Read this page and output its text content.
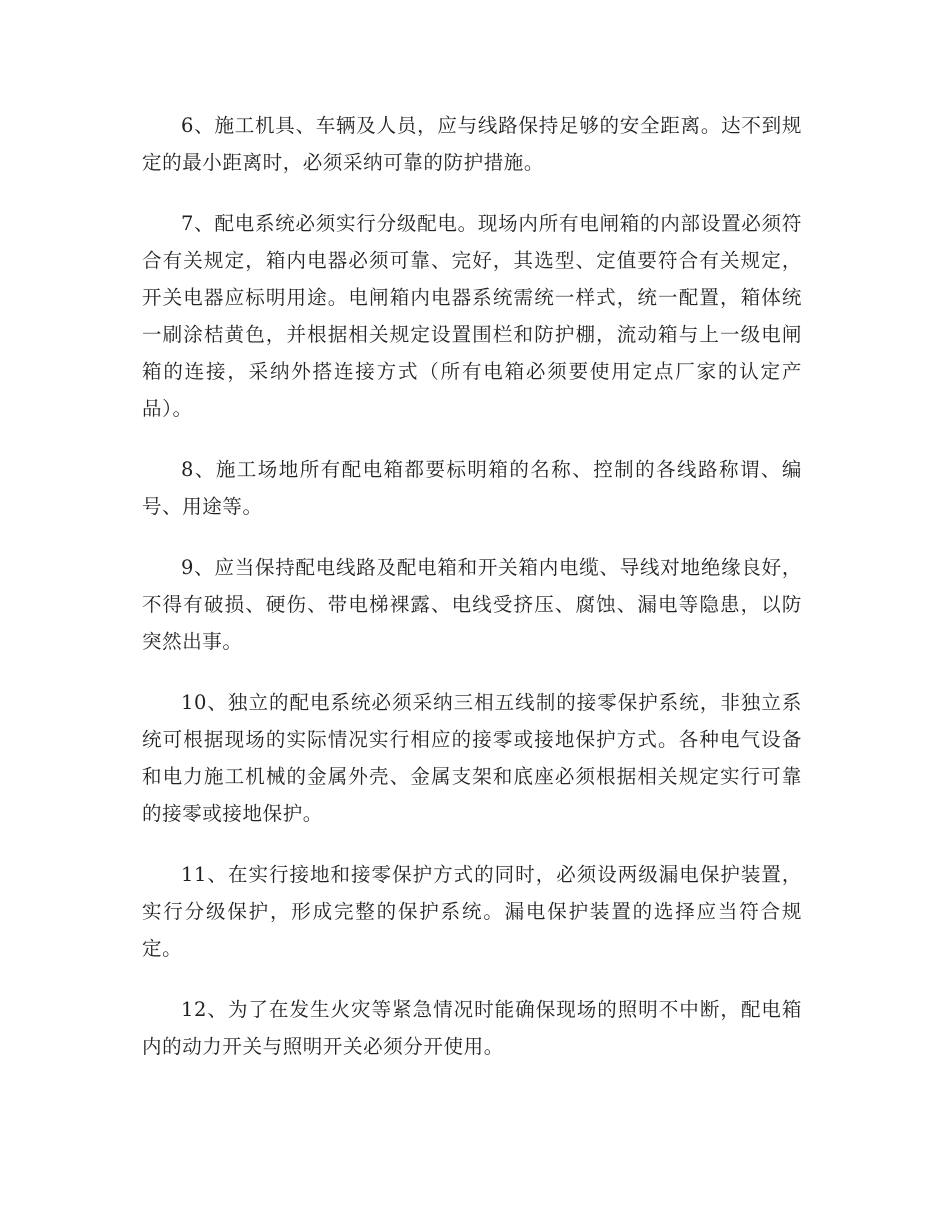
6、施工机具、车辆及人员，应与线路保持足够的安全距离。达不到规定的最小距离时，必须采纳可靠的防护措施。

7、配电系统必须实行分级配电。现场内所有电闸箱的内部设置必须符合有关规定，箱内电器必须可靠、完好，其选型、定值要符合有关规定，开关电器应标明用途。电闸箱内电器系统需统一样式，统一配置，箱体统一刷涂桔黄色，并根据相关规定设置围栏和防护棚，流动箱与上一级电闸箱的连接，采纳外搭连接方式（所有电箱必须要使用定点厂家的认定产品）。

8、施工场地所有配电箱都要标明箱的名称、控制的各线路称谓、编号、用途等。

9、应当保持配电线路及配电箱和开关箱内电缆、导线对地绝缘良好，不得有破损、硬伤、带电梯裸露、电线受挤压、腐蚀、漏电等隐患，以防突然出事。

10、独立的配电系统必须采纳三相五线制的接零保护系统，非独立系统可根据现场的实际情况实行相应的接零或接地保护方式。各种电气设备和电力施工机械的金属外壳、金属支架和底座必须根据相关规定实行可靠的接零或接地保护。

11、在实行接地和接零保护方式的同时，必须设两级漏电保护装置，实行分级保护，形成完整的保护系统。漏电保护装置的选择应当符合规定。

12、为了在发生火灾等紧急情况时能确保现场的照明不中断，配电箱内的动力开关与照明开关必须分开使用。
